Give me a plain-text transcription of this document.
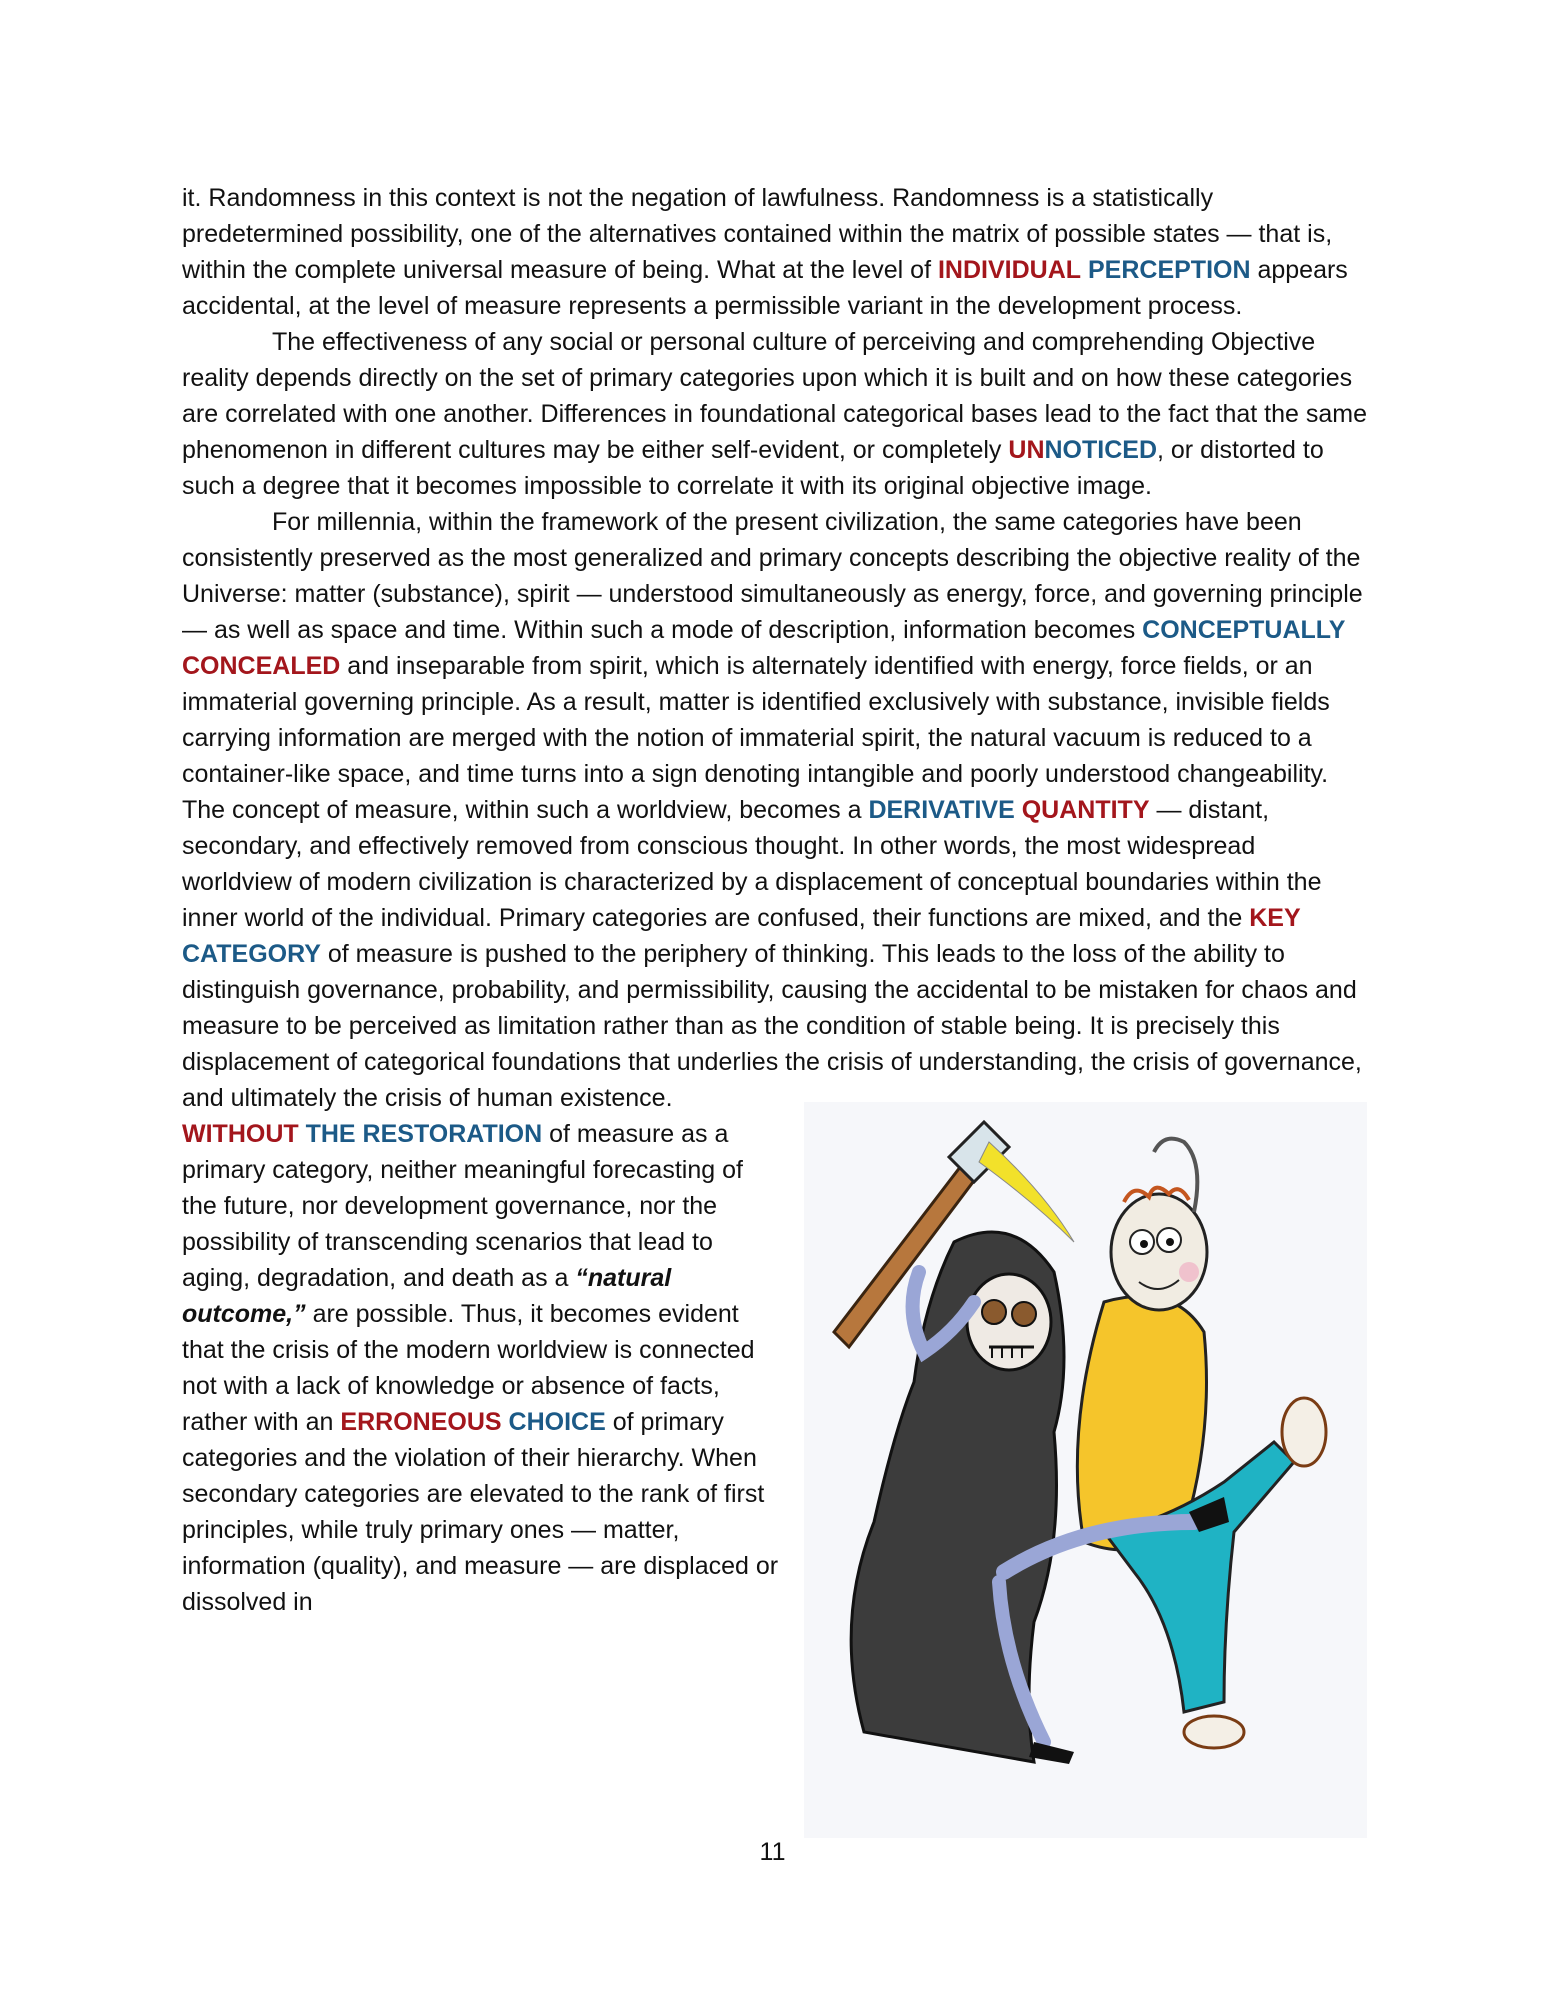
it. Randomness in this context is not the negation of lawfulness. Randomness is a statistically predetermined possibility, one of the alternatives contained within the matrix of possible states — that is, within the complete universal measure of being. What at the level of INDIVIDUAL PERCEPTION appears accidental, at the level of measure represents a permissible variant in the development process.

The effectiveness of any social or personal culture of perceiving and comprehending Objective reality depends directly on the set of primary categories upon which it is built and on how these categories are correlated with one another. Differences in foundational categorical bases lead to the fact that the same phenomenon in different cultures may be either self-evident, or completely UNNOTICED, or distorted to such a degree that it becomes impossible to correlate it with its original objective image.

For millennia, within the framework of the present civilization, the same categories have been consistently preserved as the most generalized and primary concepts describing the objective reality of the Universe: matter (substance), spirit — understood simultaneously as energy, force, and governing principle — as well as space and time. Within such a mode of description, information becomes CONCEPTUALLY CONCEALED and inseparable from spirit, which is alternately identified with energy, force fields, or an immaterial governing principle. As a result, matter is identified exclusively with substance, invisible fields carrying information are merged with the notion of immaterial spirit, the natural vacuum is reduced to a container-like space, and time turns into a sign denoting intangible and poorly understood changeability. The concept of measure, within such a worldview, becomes a DERIVATIVE QUANTITY — distant, secondary, and effectively removed from conscious thought. In other words, the most widespread worldview of modern civilization is characterized by a displacement of conceptual boundaries within the inner world of the individual. Primary categories are confused, their functions are mixed, and the KEY CATEGORY of measure is pushed to the periphery of thinking. This leads to the loss of the ability to distinguish governance, probability, and permissibility, causing the accidental to be mistaken for chaos and measure to be perceived as limitation rather than as the condition of stable being. It is precisely this displacement of categorical foundations that underlies the crisis of understanding, the crisis of governance, and ultimately the crisis of human existence.
WITHOUT THE RESTORATION of measure as a primary category, neither meaningful forecasting of the future, nor development governance, nor the possibility of transcending scenarios that lead to aging, degradation, and death as a “natural outcome,” are possible. Thus, it becomes evident that the crisis of the modern worldview is connected not with a lack of knowledge or absence of facts, rather with an ERRONEOUS CHOICE of primary categories and the violation of their hierarchy. When secondary categories are elevated to the rank of first principles, while truly primary ones — matter, information (quality), and measure — are displaced or dissolved in

11
